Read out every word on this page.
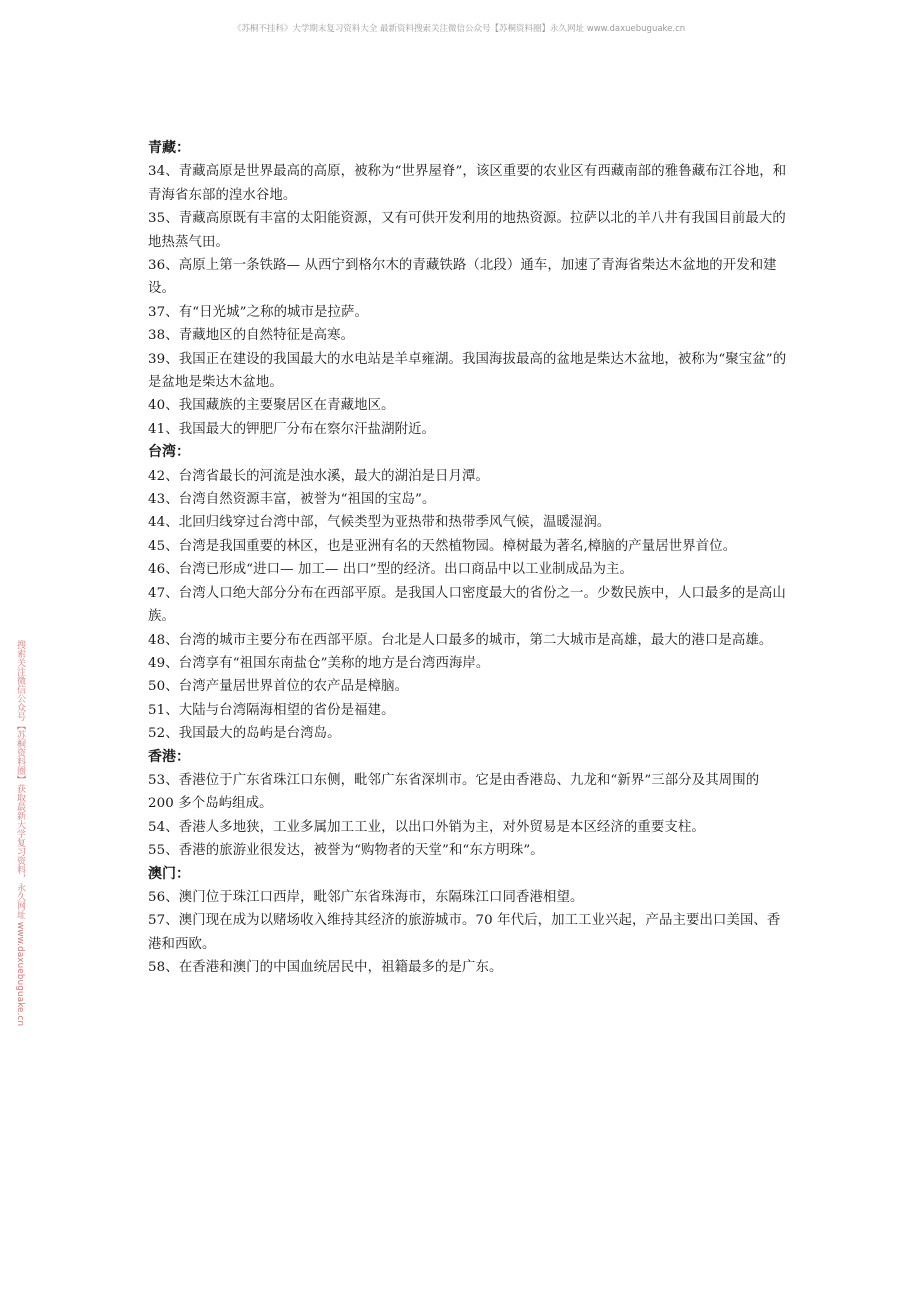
《苏桐不挂科》大学期末复习资料大全 最新资料搜索关注微信公众号【苏桐资料圈】永久网址 www.daxuebuguake.cn
搜索关注微信公众号【苏桐资料圈】获取最新大学复习资料，永久网址 www.daxuebuguake.cn
青藏：
34、青藏高原是世界最高的高原，被称为“世界屋脊”，该区重要的农业区有西藏南部的雅鲁藏布江谷地，和青海省东部的湟水谷地。
35、青藏高原既有丰富的太阳能资源，又有可供开发利用的地热资源。拉萨以北的羊八井有我国目前最大的地热蒸气田。
36、高原上第一条铁路— 从西宁到格尔木的青藏铁路（北段）通车，加速了青海省柴达木盆地的开发和建设。
37、有“日光城”之称的城市是拉萨。
38、青藏地区的自然特征是高寒。
39、我国正在建设的我国最大的水电站是羊卓雍湖。我国海拔最高的盆地是柴达木盆地，被称为“聚宝盆”的是盆地是柴达木盆地。
40、我国藏族的主要聚居区在青藏地区。
41、我国最大的钾肥厂分布在察尔汗盐湖附近。
台湾：
42、台湾省最长的河流是浊水溪，最大的湖泊是日月潭。
43、台湾自然资源丰富，被誉为“祖国的宝岛”。
44、北回归线穿过台湾中部，气候类型为亚热带和热带季风气候，温暖湿润。
45、台湾是我国重要的林区，也是亚洲有名的天然植物园。樟树最为著名,樟脑的产量居世界首位。
46、台湾已形成“进口— 加工— 出口”型的经济。出口商品中以工业制成品为主。
47、台湾人口绝大部分分布在西部平原。是我国人口密度最大的省份之一。少数民族中，人口最多的是高山族。
48、台湾的城市主要分布在西部平原。台北是人口最多的城市，第二大城市是高雄，最大的港口是高雄。
49、台湾享有“祖国东南盐仓”美称的地方是台湾西海岸。
50、台湾产量居世界首位的农产品是樟脑。
51、大陆与台湾隔海相望的省份是福建。
52、我国最大的岛屿是台湾岛。
香港：
53、香港位于广东省珠江口东侧，毗邻广东省深圳市。它是由香港岛、九龙和“新界”三部分及其周围的 200 多个岛屿组成。
54、香港人多地狭，工业多属加工工业，以出口外销为主，对外贸易是本区经济的重要支柱。
55、香港的旅游业很发达，被誉为“购物者的天堂”和“东方明珠”。
澳门：
56、澳门位于珠江口西岸，毗邻广东省珠海市，东隔珠江口同香港相望。
57、澳门现在成为以赌场收入维持其经济的旅游城市。70 年代后，加工工业兴起，产品主要出口美国、香港和西欧。
58、在香港和澳门的中国血统居民中，祖籍最多的是广东。
